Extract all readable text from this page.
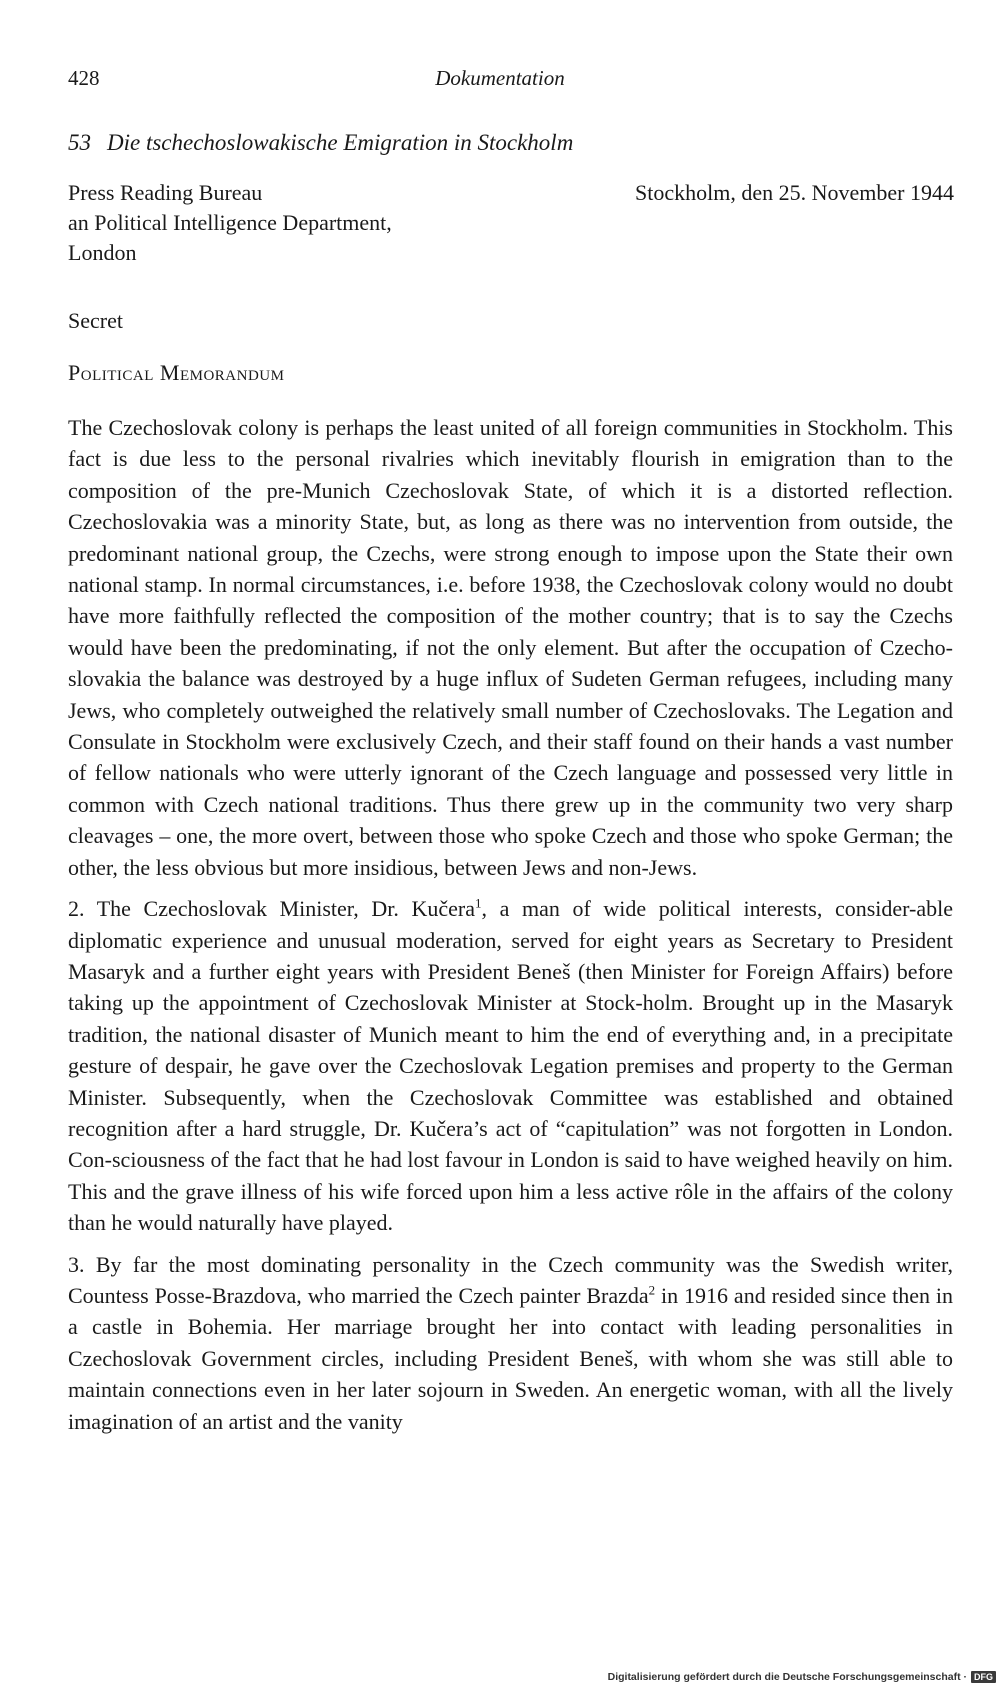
428	Dokumentation
53 Die tschechoslowakische Emigration in Stockholm
Press Reading Bureau
an Political Intelligence Department,
London
Stockholm, den 25. November 1944
Secret
Political Memorandum

The Czechoslovak colony is perhaps the least united of all foreign communities in Stockholm. This fact is due less to the personal rivalries which inevitably flourish in emigration than to the composition of the pre-Munich Czechoslovak State, of which it is a distorted reflection. Czechoslovakia was a minority State, but, as long as there was no intervention from outside, the predominant national group, the Czechs, were strong enough to impose upon the State their own national stamp. In normal circumstances, i.e. before 1938, the Czechoslovak colony would no doubt have more faithfully reflected the composition of the mother country; that is to say the Czechs would have been the predominating, if not the only element. But after the occupation of Czecho-slovakia the balance was destroyed by a huge influx of Sudeten German refugees, including many Jews, who completely outweighed the relatively small number of Czechoslovaks. The Legation and Consulate in Stockholm were exclusively Czech, and their staff found on their hands a vast number of fellow nationals who were utterly ignorant of the Czech language and possessed very little in common with Czech national traditions. Thus there grew up in the community two very sharp cleavages – one, the more overt, between those who spoke Czech and those who spoke German; the other, the less obvious but more insidious, between Jews and non-Jews.

2. The Czechoslovak Minister, Dr. Kučera$^1$, a man of wide political interests, consider-able diplomatic experience and unusual moderation, served for eight years as Secretary to President Masaryk and a further eight years with President Beneš (then Minister for Foreign Affairs) before taking up the appointment of Czechoslovak Minister at Stock-holm. Brought up in the Masaryk tradition, the national disaster of Munich meant to him the end of everything and, in a precipitate gesture of despair, he gave over the Czechoslovak Legation premises and property to the German Minister. Subsequently, when the Czechoslovak Committee was established and obtained recognition after a hard struggle, Dr. Kučera’s act of “capitulation” was not forgotten in London. Con-sciousness of the fact that he had lost favour in London is said to have weighed heavily on him. This and the grave illness of his wife forced upon him a less active rôle in the affairs of the colony than he would naturally have played.

3. By far the most dominating personality in the Czech community was the Swedish writer, Countess Posse-Brazdova, who married the Czech painter Brazda$^2$ in 1916 and resided since then in a castle in Bohemia. Her marriage brought her into contact with leading personalities in Czechoslovak Government circles, including President Beneš, with whom she was still able to maintain connections even in her later sojourn in Sweden. An energetic woman, with all the lively imagination of an artist and the vanity

Digitalisierung gefördert durch die Deutsche Forschungsgemeinschaft · DFG
